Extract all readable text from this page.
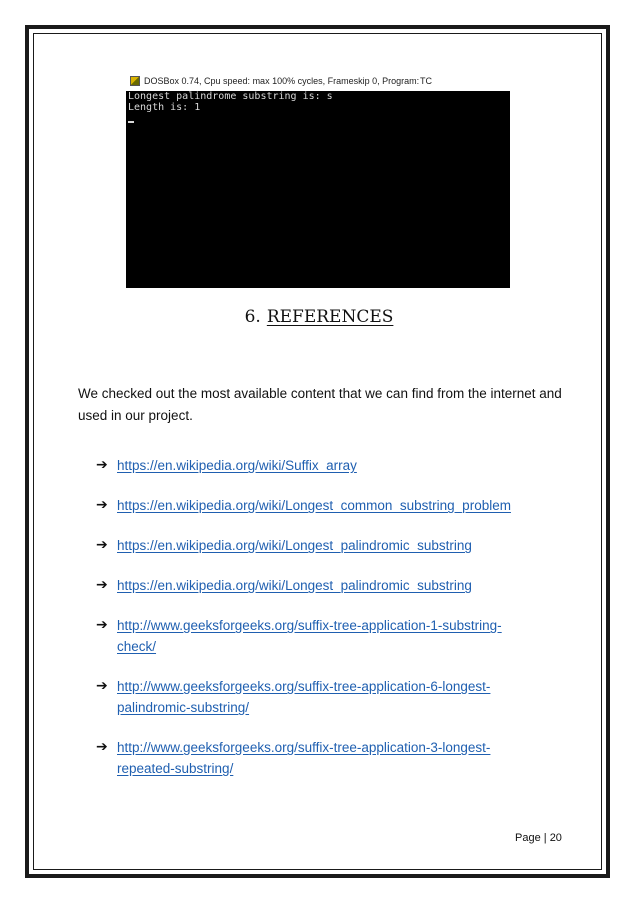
DOSBox 0.74, Cpu speed: max 100% cycles, Frameskip 0, Program: TC
Longest palindrome substring is: s
Length is: 1
6. REFERENCES
We checked out the most available content that we can find from the internet and used in our project.
➔ https://en.wikipedia.org/wiki/Suffix_array
➔ https://en.wikipedia.org/wiki/Longest_common_substring_problem
➔ https://en.wikipedia.org/wiki/Longest_palindromic_substring
➔ https://en.wikipedia.org/wiki/Longest_palindromic_substring
➔ http://www.geeksforgeeks.org/suffix-tree-application-1-substring-
check/
➔ http://www.geeksforgeeks.org/suffix-tree-application-6-longest-
palindromic-substring/
➔ http://www.geeksforgeeks.org/suffix-tree-application-3-longest-
repeated-substring/
Page | 20
